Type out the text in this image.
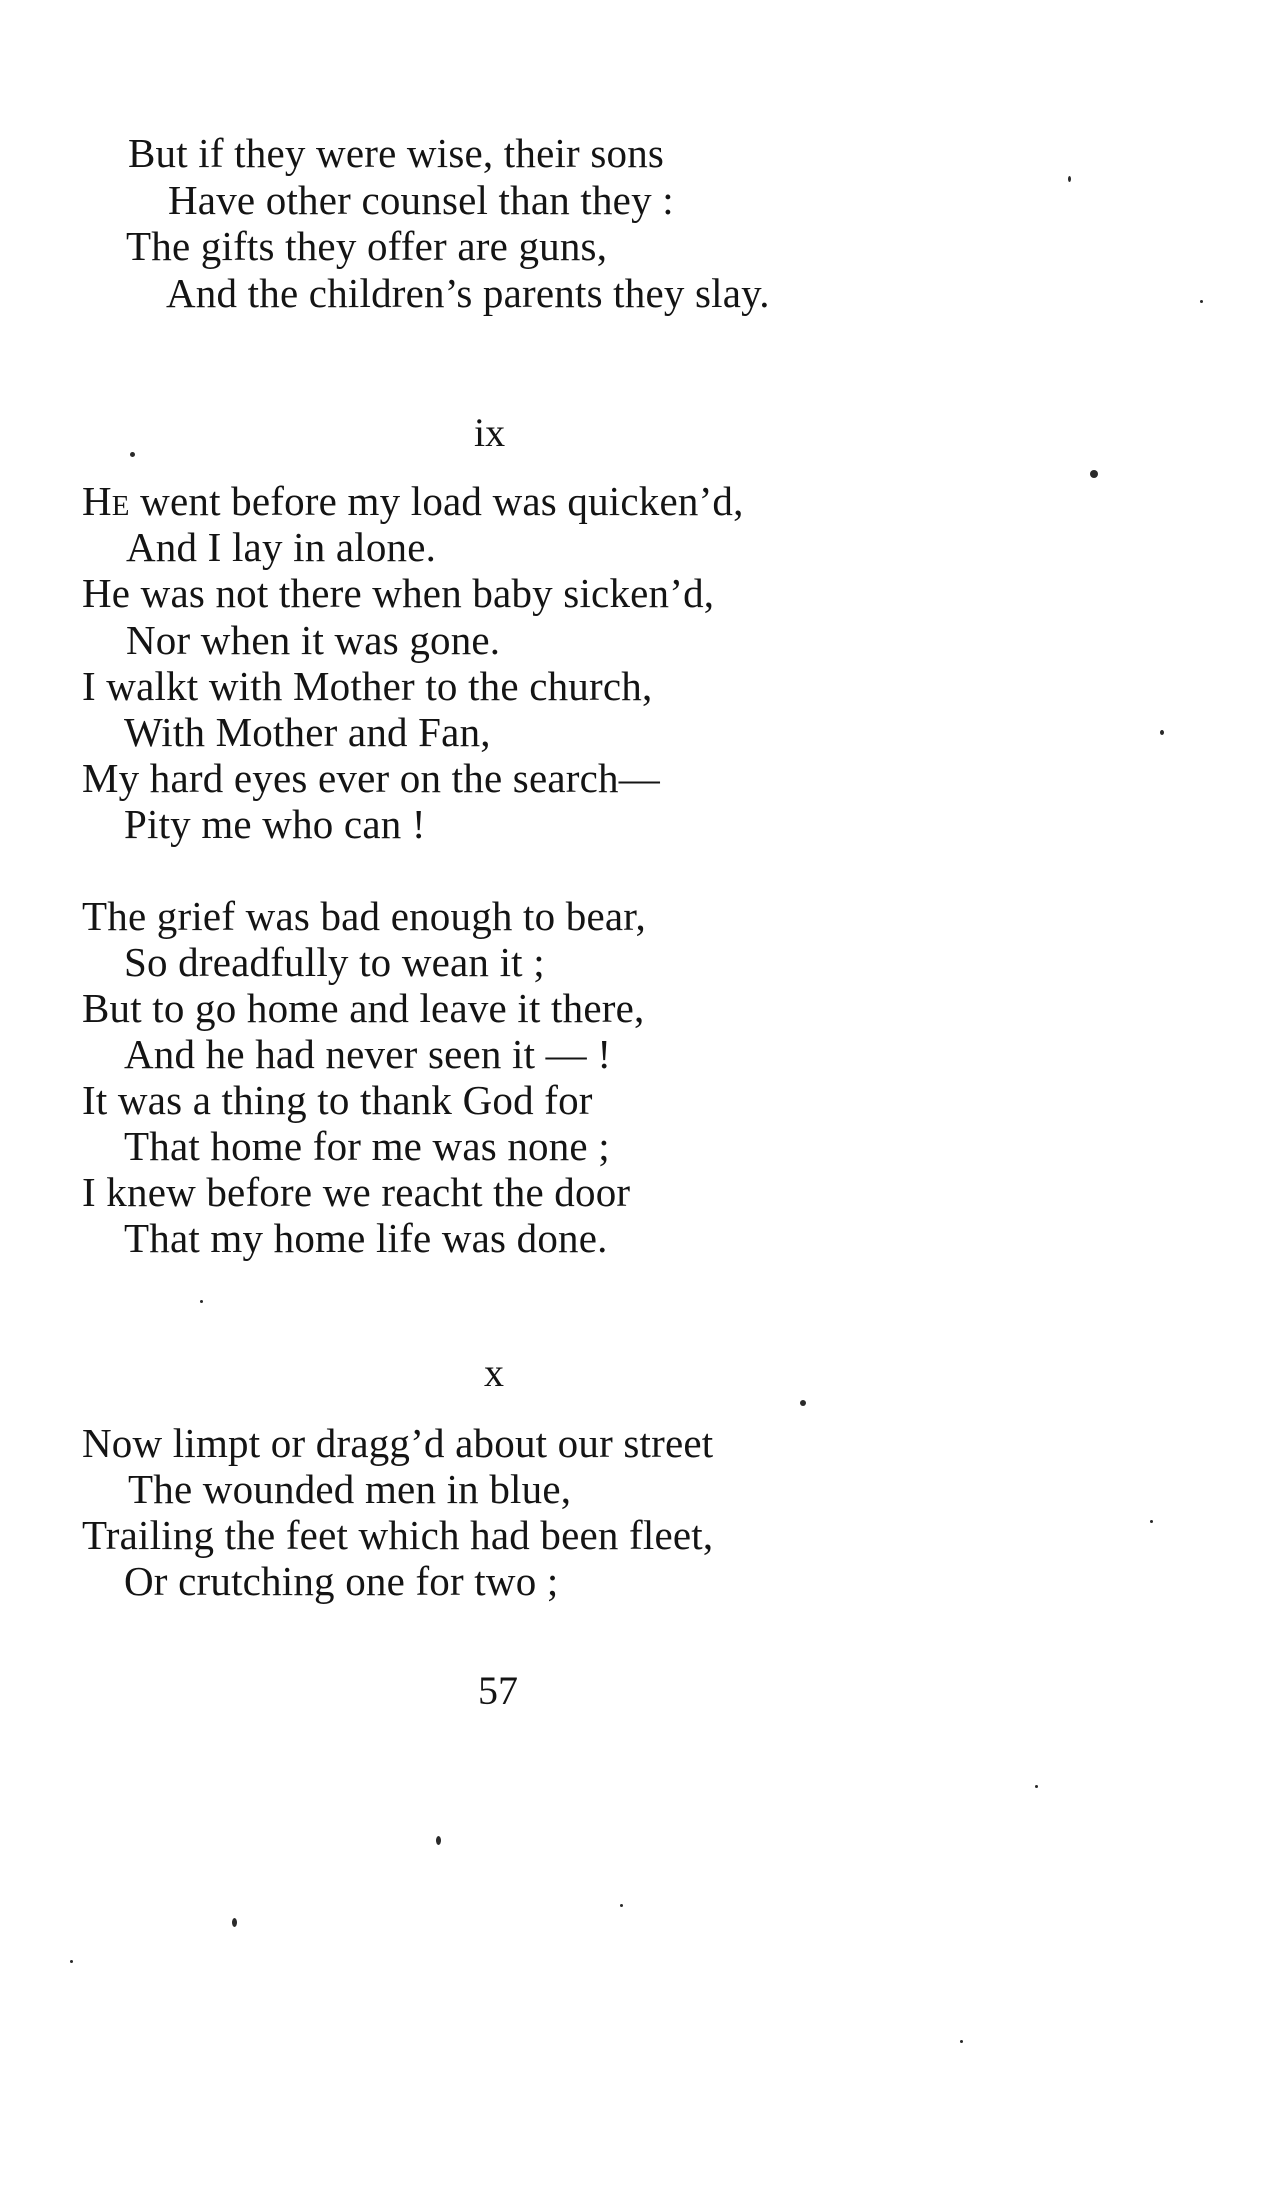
But if they were wise, their sons
Have other counsel than they :
The gifts they offer are guns,
And the children’s parents they slay.
ix
He went before my load was quicken’d,
And I lay in alone.
He was not there when baby sicken’d,
Nor when it was gone.
I walkt with Mother to the church,
With Mother and Fan,
My hard eyes ever on the search—
Pity me who can !
The grief was bad enough to bear,
So dreadfully to wean it ;
But to go home and leave it there,
And he had never seen it — !
It was a thing to thank God for
That home for me was none ;
I knew before we reacht the door
That my home life was done.
x
Now limpt or dragg’d about our street
The wounded men in blue,
Trailing the feet which had been fleet,
Or crutching one for two ;
57
